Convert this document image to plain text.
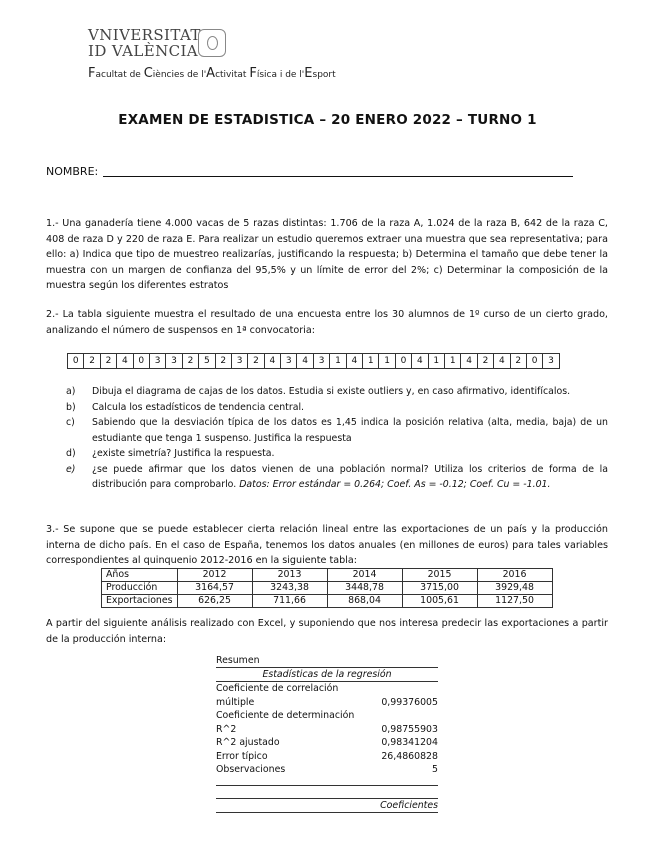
VNIVERSITAT
ID VALÈNCIA
Facultat de Ciències de l'Activitat Física i de l'Esport
EXAMEN DE ESTADISTICA – 20 ENERO 2022 – TURNO 1
NOMBRE:
1.- Una ganadería tiene 4.000 vacas de 5 razas distintas: 1.706 de la raza A, 1.024 de la raza B, 642 de la raza C, 408 de raza D y 220 de raza E. Para realizar un estudio queremos extraer una muestra que sea representativa; para ello: a) Indica que tipo de muestreo realizarías, justificando la respuesta; b) Determina el tamaño que debe tener la muestra con un margen de confianza del 95,5% y un límite de error del 2%; c) Determinar la composición de la muestra según los diferentes estratos
2.- La tabla siguiente muestra el resultado de una encuesta entre los 30 alumnos de 1º curso de un cierto grado, analizando el número de suspensos en 1ª convocatoria:
0	2	2	4	0	3	3	2	5	2	3	2	4	3	4	3	1	4	1	1	0	4	1	1	4	2	4	2	0	3
a) Dibuja el diagrama de cajas de los datos. Estudia si existe outliers y, en caso afirmativo, identifícalos.
b) Calcula los estadísticos de tendencia central.
c) Sabiendo que la desviación típica de los datos es 1,45 indica la posición relativa (alta, media, baja) de un estudiante que tenga 1 suspenso. Justifica la respuesta
d) ¿existe simetría? Justifica la respuesta.
e) ¿se puede afirmar que los datos vienen de una población normal? Utiliza los criterios de forma de la distribución para comprobarlo. Datos: Error estándar = 0.264; Coef. As = -0.12; Coef. Cu = -1.01.
3.- Se supone que se puede establecer cierta relación lineal entre las exportaciones de un país y la producción interna de dicho país. En el caso de España, tenemos los datos anuales (en millones de euros) para tales variables correspondientes al quinquenio 2012-2016 en la siguiente tabla:
Años	2012	2013	2014	2015	2016
Producción	3164,57	3243,38	3448,78	3715,00	3929,48
Exportaciones	626,25	711,66	868,04	1005,61	1127,50
A partir del siguiente análisis realizado con Excel, y suponiendo que nos interesa predecir las exportaciones a partir de la producción interna:
Resumen
Estadísticas de la regresión
Coeficiente de correlación
múltiple	0,99376005
Coeficiente de determinación
R^2	0,98755903
R^2 ajustado	0,98341204
Error típico	26,4860828
Observaciones	5
Coeficientes
